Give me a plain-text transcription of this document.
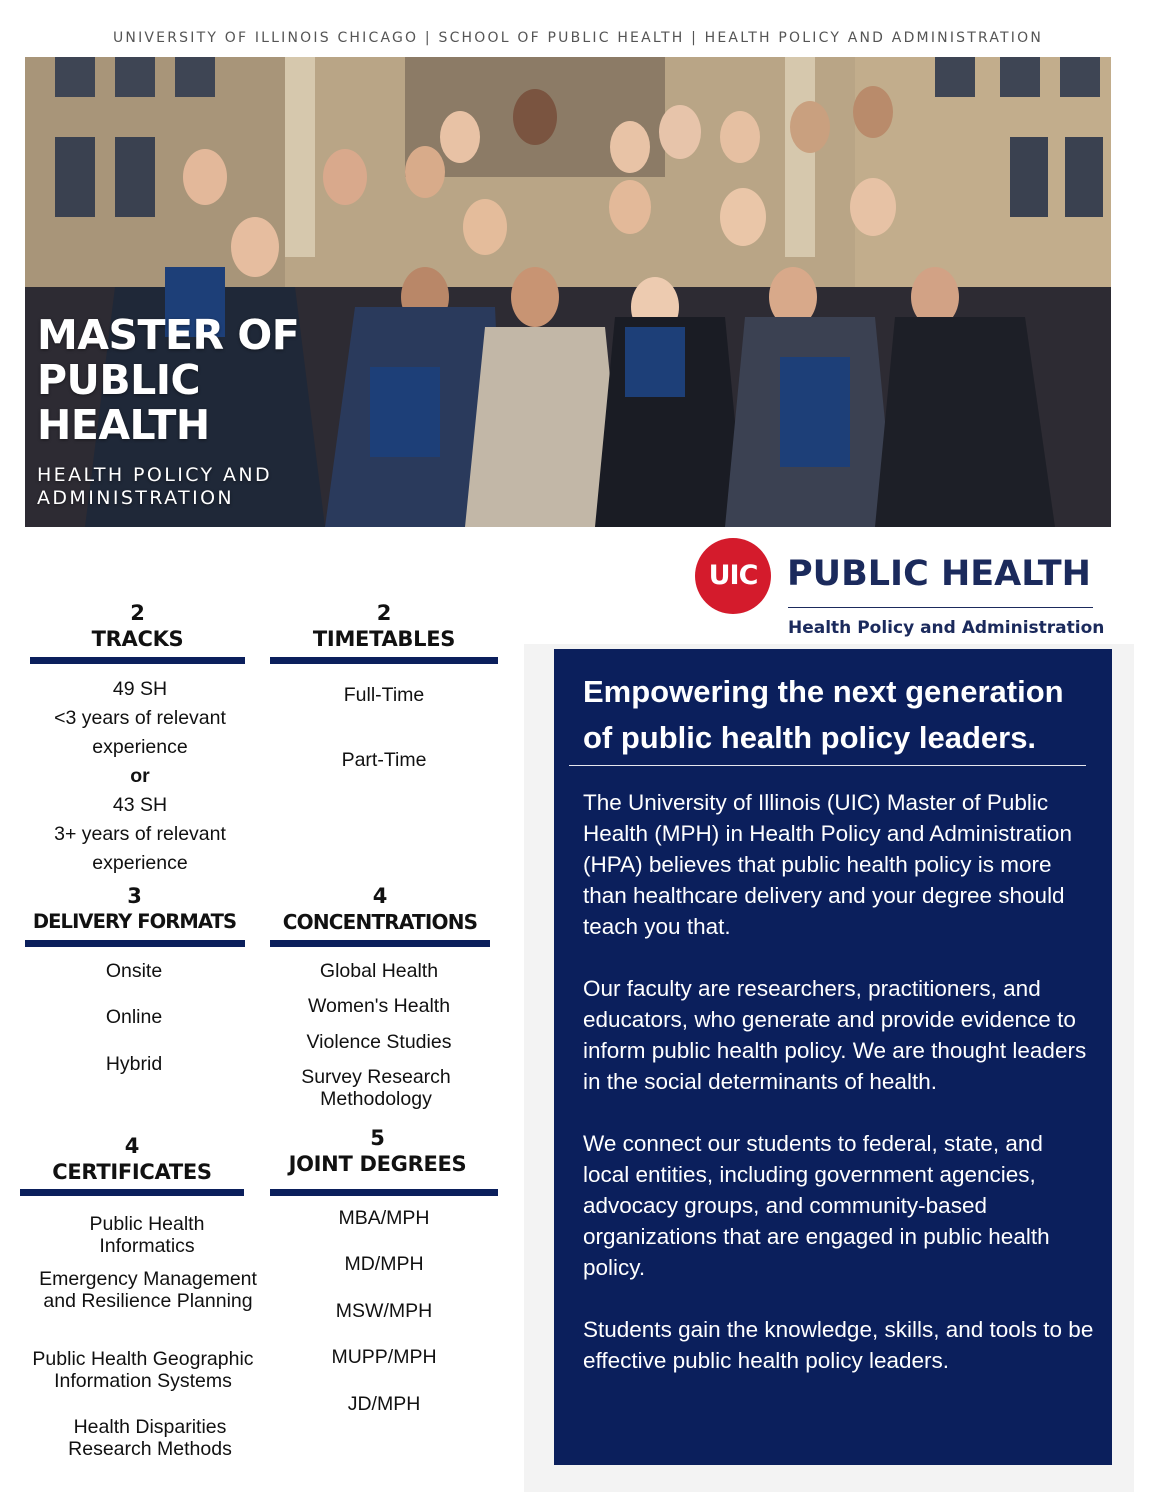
UNIVERSITY OF ILLINOIS CHICAGO | SCHOOL OF PUBLIC HEALTH | HEALTH POLICY AND ADMINISTRATION
MASTER OF PUBLIC HEALTH
HEALTH POLICY AND ADMINISTRATION
UIC PUBLIC HEALTH
Health Policy and Administration
2
TRACKS
49 SH
<3 years of relevant
experience
or
43 SH
3+ years of relevant
experience
2
TIMETABLES
Full-Time
Part-Time
3
DELIVERY FORMATS
Onsite
Online
Hybrid
4
CONCENTRATIONS
Global Health
Women's Health
Violence Studies
Survey Research Methodology
4
CERTIFICATES
Public Health Informatics
Emergency Management and Resilience Planning
Public Health Geographic Information Systems
Health Disparities Research Methods
5
JOINT DEGREES
MBA/MPH
MD/MPH
MSW/MPH
MUPP/MPH
JD/MPH
Empowering the next generation
of public health policy leaders.

The University of Illinois (UIC) Master of Public Health (MPH) in Health Policy and Administration (HPA) believes that public health policy is more than healthcare delivery and your degree should teach you that.

Our faculty are researchers, practitioners, and educators, who generate and provide evidence to inform public health policy. We are thought leaders in the social determinants of health.

We connect our students to federal, state, and local entities, including government agencies, advocacy groups, and community-based organizations that are engaged in public health policy.

Students gain the knowledge, skills, and tools to be effective public health policy leaders.
